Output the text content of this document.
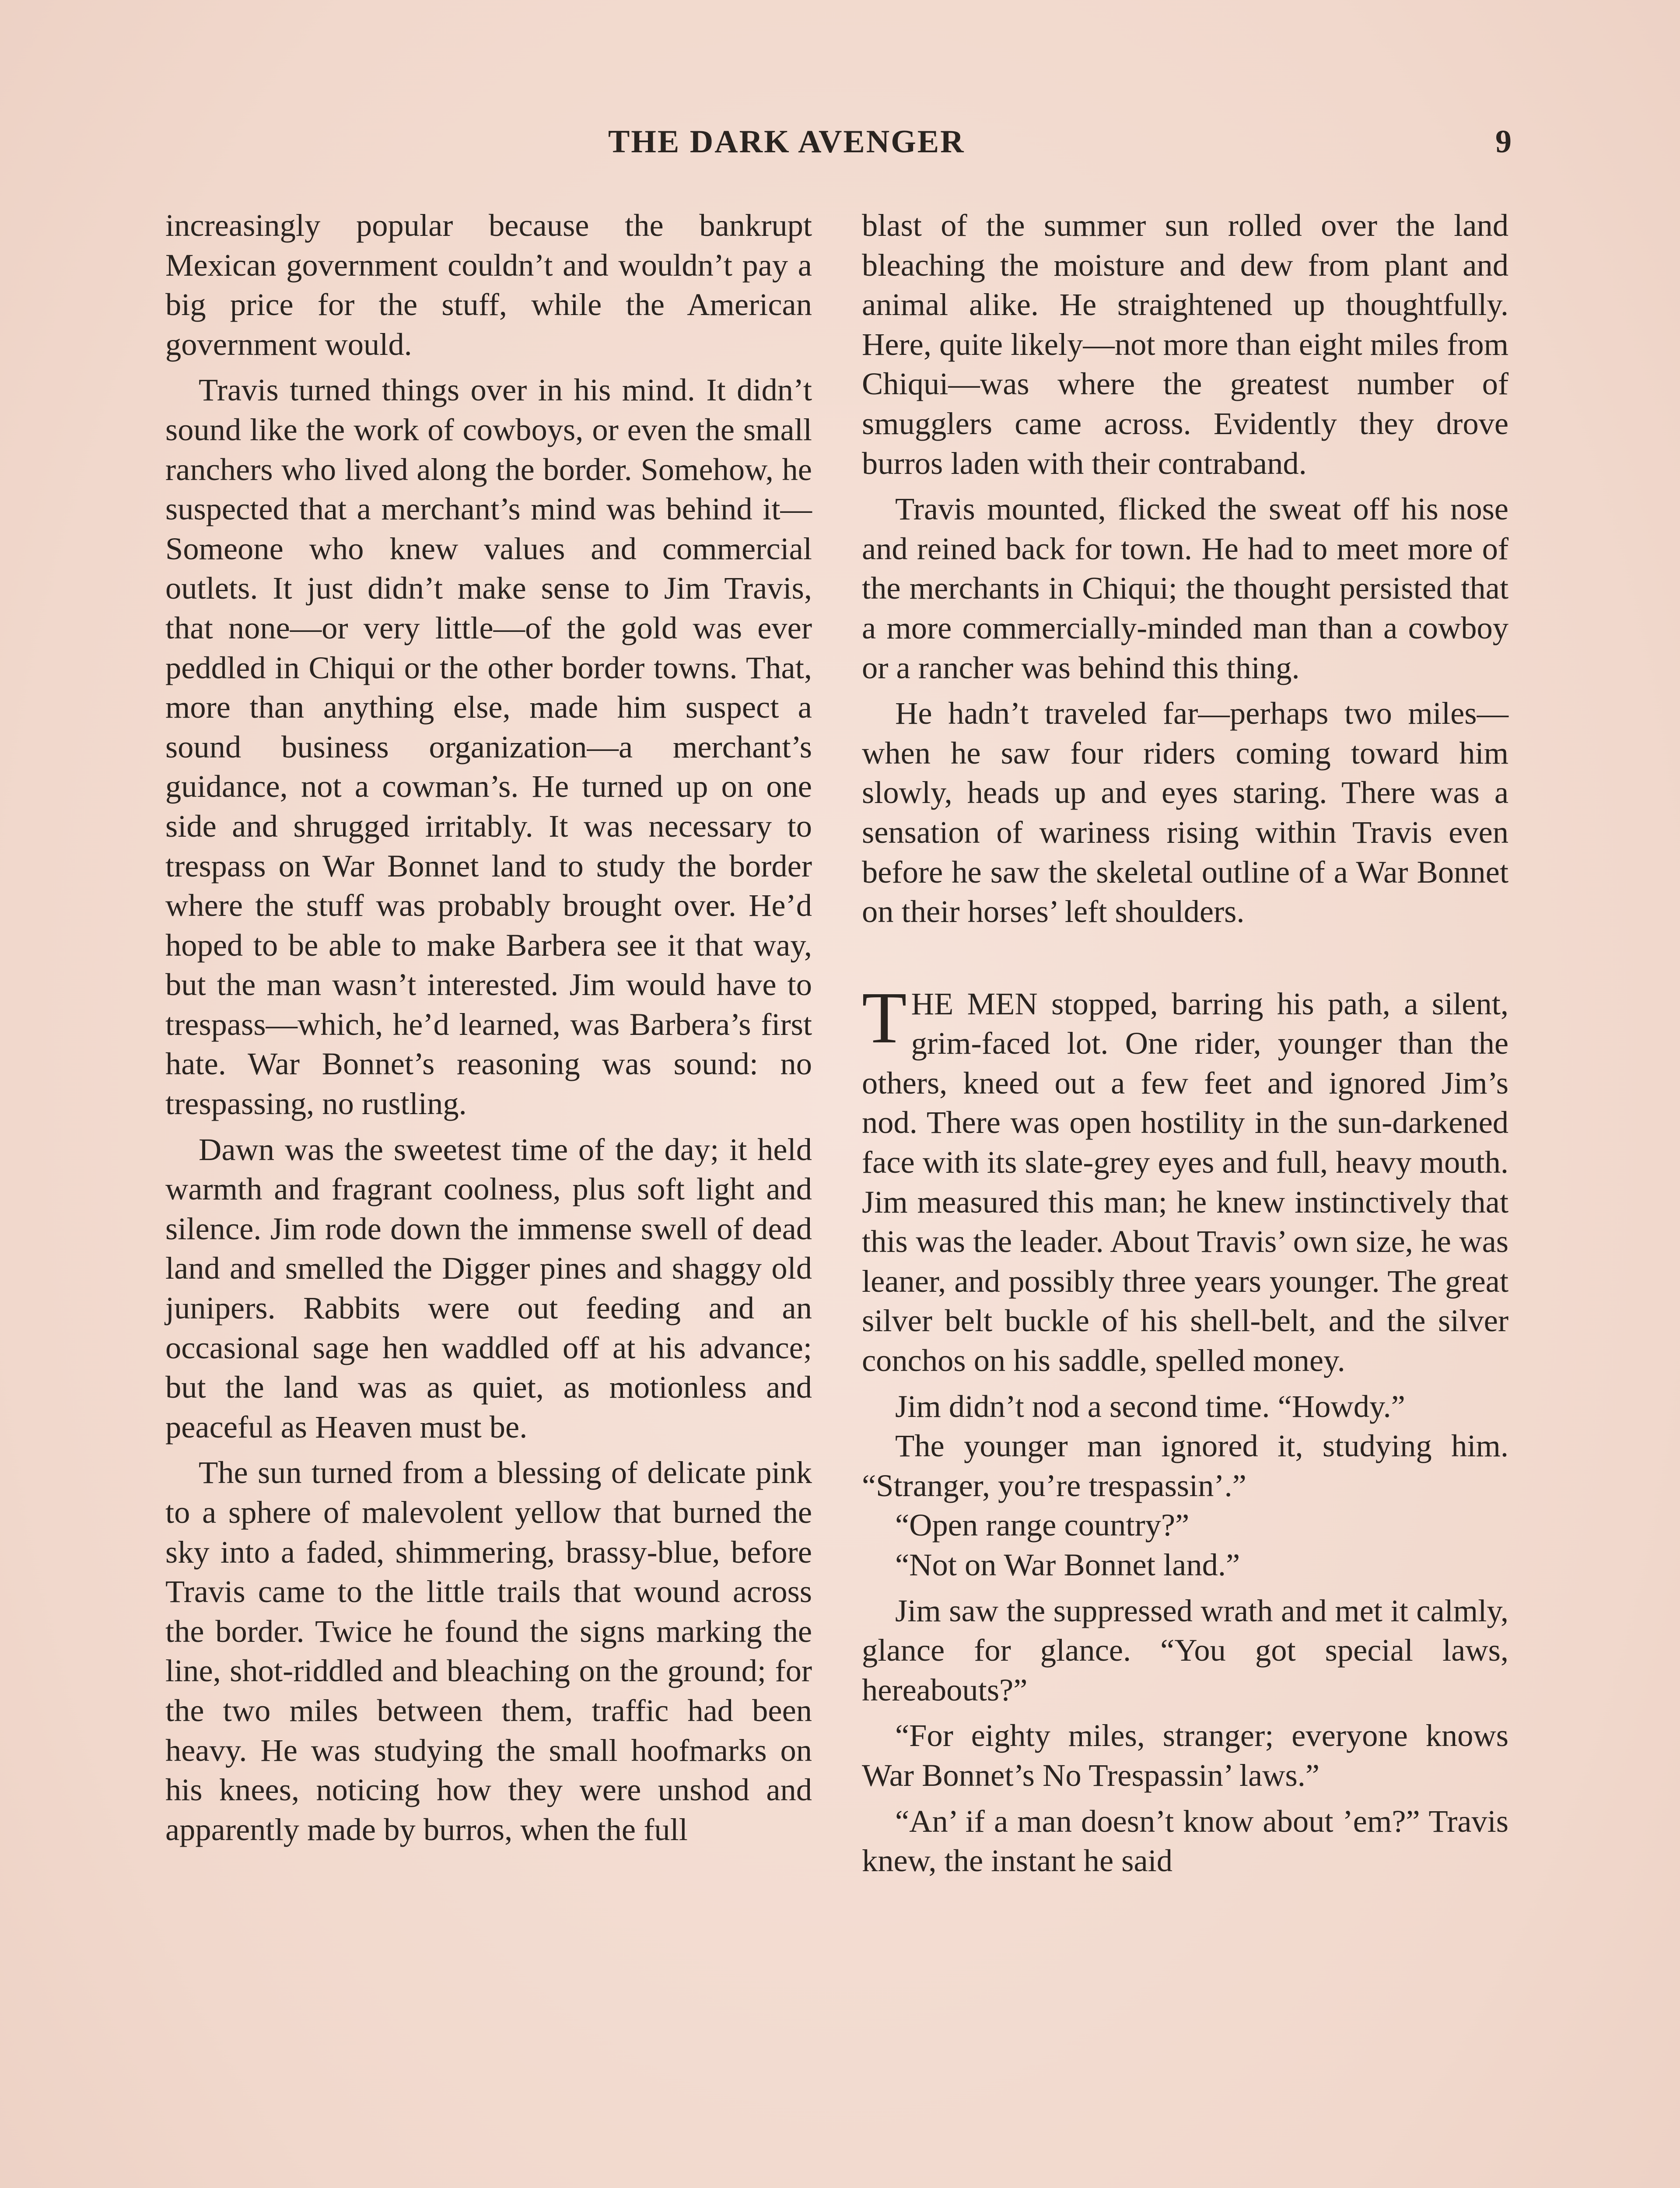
THE DARK AVENGER	9

increasingly popular because the bankrupt Mexican government couldn’t and wouldn’t pay a big price for the stuff, while the American government would.

Travis turned things over in his mind. It didn’t sound like the work of cowboys, or even the small ranchers who lived along the border. Somehow, he suspected that a merchant’s mind was behind it— Someone who knew values and commercial outlets. It just didn’t make sense to Jim Travis, that none—or very little—of the gold was ever peddled in Chiqui or the other border towns. That, more than anything else, made him suspect a sound business organization—a merchant’s guidance, not a cowman’s. He turned up on one side and shrugged irritably. It was necessary to trespass on War Bonnet land to study the border where the stuff was probably brought over. He’d hoped to be able to make Barbera see it that way, but the man wasn’t interested. Jim would have to trespass—which, he’d learned, was Barbera’s first hate. War Bonnet’s reasoning was sound: no trespassing, no rustling.

Dawn was the sweetest time of the day; it held warmth and fragrant coolness, plus soft light and silence. Jim rode down the immense swell of dead land and smelled the Digger pines and shaggy old junipers. Rabbits were out feeding and an occasional sage hen waddled off at his advance; but the land was as quiet, as motionless and peaceful as Heaven must be.

The sun turned from a blessing of delicate pink to a sphere of malevolent yellow that burned the sky into a faded, shimmering, brassy-blue, before Travis came to the little trails that wound across the border. Twice he found the signs marking the line, shot-riddled and bleaching on the ground; for the two miles between them, traffic had been heavy. He was studying the small hoofmarks on his knees, noticing how they were unshod and apparently made by burros, when the full

blast of the summer sun rolled over the land bleaching the moisture and dew from plant and animal alike. He straightened up thoughtfully. Here, quite likely—not more than eight miles from Chiqui—was where the greatest number of smugglers came across. Evidently they drove burros laden with their contraband.

Travis mounted, flicked the sweat off his nose and reined back for town. He had to meet more of the merchants in Chiqui; the thought persisted that a more commercially-minded man than a cowboy or a rancher was behind this thing.

He hadn’t traveled far—perhaps two miles—when he saw four riders coming toward him slowly, heads up and eyes staring. There was a sensation of wariness rising within Travis even before he saw the skeletal outline of a War Bonnet on their horses’ left shoulders.

THE MEN stopped, barring his path, a silent, grim-faced lot. One rider, younger than the others, kneed out a few feet and ignored Jim’s nod. There was open hostility in the sun-darkened face with its slate-grey eyes and full, heavy mouth. Jim measured this man; he knew instinctively that this was the leader. About Travis’ own size, he was leaner, and possibly three years younger. The great silver belt buckle of his shell-belt, and the silver conchos on his saddle, spelled money.

Jim didn’t nod a second time. “Howdy.”

The younger man ignored it, studying him. “Stranger, you’re trespassin’.”

“Open range country?”

“Not on War Bonnet land.”

Jim saw the suppressed wrath and met it calmly, glance for glance. “You got special laws, hereabouts?”

“For eighty miles, stranger; everyone knows War Bonnet’s No Trespassin’ laws.”

“An’ if a man doesn’t know about ’em?” Travis knew, the instant he said
